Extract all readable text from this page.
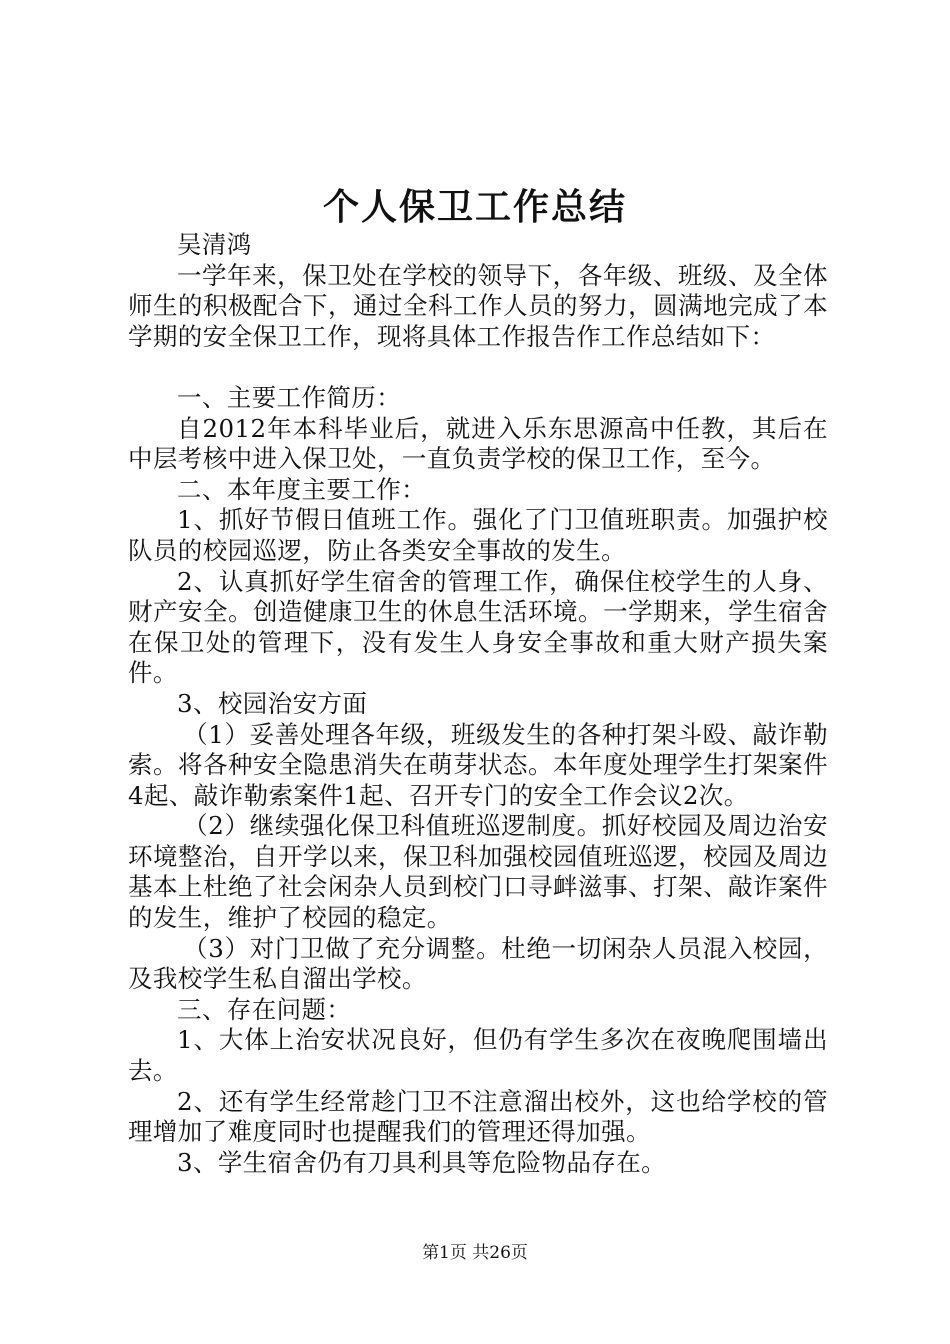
个人保卫工作总结

吴清鸿

一学年来，保卫处在学校的领导下，各年级、班级、及全体师生的积极配合下，通过全科工作人员的努力，圆满地完成了本学期的安全保卫工作，现将具体工作报告作工作总结如下：

一、主要工作简历：

自2012年本科毕业后，就进入乐东思源高中任教，其后在中层考核中进入保卫处，一直负责学校的保卫工作，至今。

二、本年度主要工作：

1、抓好节假日值班工作。强化了门卫值班职责。加强护校队员的校园巡逻，防止各类安全事故的发生。

2、认真抓好学生宿舍的管理工作，确保住校学生的人身、财产安全。创造健康卫生的休息生活环境。一学期来，学生宿舍在保卫处的管理下，没有发生人身安全事故和重大财产损失案件。

3、校园治安方面

（1）妥善处理各年级，班级发生的各种打架斗殴、敲诈勒索。将各种安全隐患消失在萌芽状态。本年度处理学生打架案件4起、敲诈勒索案件1起、召开专门的安全工作会议2次。

（2）继续强化保卫科值班巡逻制度。抓好校园及周边治安环境整治，自开学以来，保卫科加强校园值班巡逻，校园及周边基本上杜绝了社会闲杂人员到校门口寻衅滋事、打架、敲诈案件的发生，维护了校园的稳定。

（3）对门卫做了充分调整。杜绝一切闲杂人员混入校园，及我校学生私自溜出学校。

三、存在问题：

1、大体上治安状况良好，但仍有学生多次在夜晚爬围墙出去。

2、还有学生经常趁门卫不注意溜出校外，这也给学校的管理增加了难度同时也提醒我们的管理还得加强。

3、学生宿舍仍有刀具利具等危险物品存在。

第1页 共26页
